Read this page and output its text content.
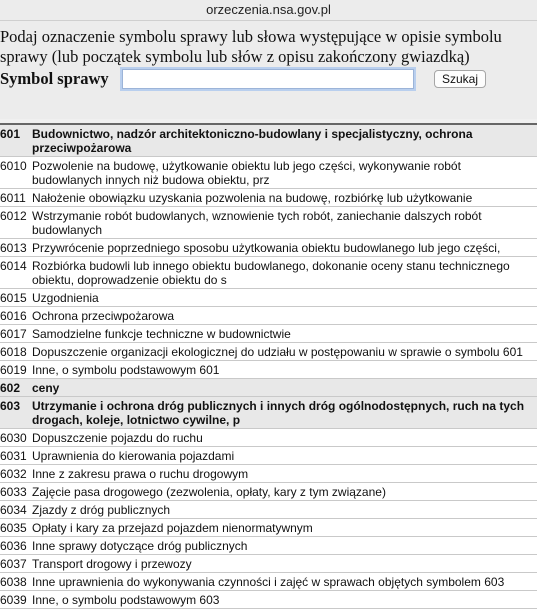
orzeczenia.nsa.gov.pl
Podaj oznaczenie symbolu sprawy lub słowa występujące w opisie symbolu sprawy (lub początek symbolu lub słów z opisu zakończony gwiazdką)
Symbol sprawy	Szukaj
601 Budownictwo, nadzór architektoniczno-budowlany i specjalistyczny, ochrona przeciwpożarowa
6010 Pozwolenie na budowę, użytkowanie obiektu lub jego części, wykonywanie robót budowlanych innych niż budowa obiektu, prz
6011 Nałożenie obowiązku uzyskania pozwolenia na budowę, rozbiórkę lub użytkowanie
6012 Wstrzymanie robót budowlanych, wznowienie tych robót, zaniechanie dalszych robót budowlanych
6013 Przywrócenie poprzedniego sposobu użytkowania obiektu budowlanego lub jego części,
6014 Rozbiórka budowli lub innego obiektu budowlanego, dokonanie oceny stanu technicznego obiektu, doprowadzenie obiektu do s
6015 Uzgodnienia
6016 Ochrona przeciwpożarowa
6017 Samodzielne funkcje techniczne w budownictwie
6018 Dopuszczenie organizacji ekologicznej do udziału w postępowaniu w sprawie o symbolu 601
6019 Inne, o symbolu podstawowym 601
602 ceny
603 Utrzymanie i ochrona dróg publicznych i innych dróg ogólnodostępnych, ruch na tych drogach, koleje, lotnictwo cywilne, p
6030 Dopuszczenie pojazdu do ruchu
6031 Uprawnienia do kierowania pojazdami
6032 Inne z zakresu prawa o ruchu drogowym
6033 Zajęcie pasa drogowego (zezwolenia, opłaty, kary z tym związane)
6034 Zjazdy z dróg publicznych
6035 Opłaty i kary za przejazd pojazdem nienormatywnym
6036 Inne sprawy dotyczące dróg publicznych
6037 Transport drogowy i przewozy
6038 Inne uprawnienia do wykonywania czynności i zajęć w sprawach objętych symbolem 603
6039 Inne, o symbolu podstawowym 603
